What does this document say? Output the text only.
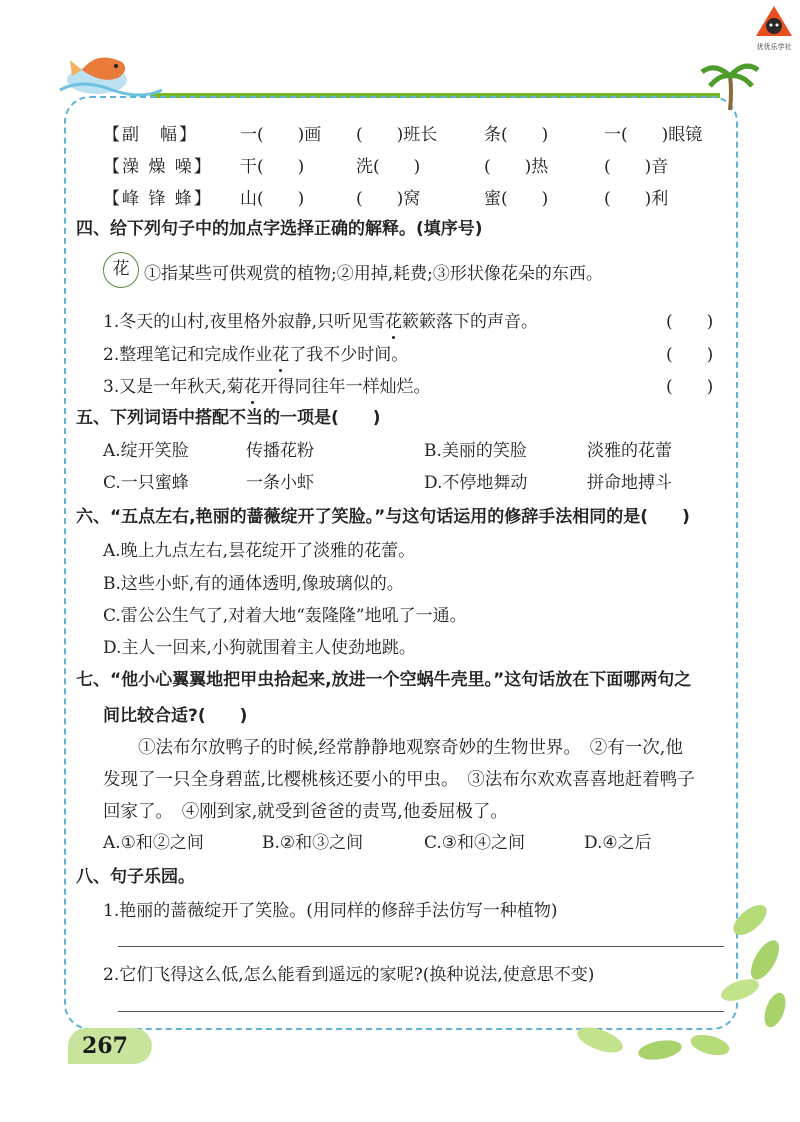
优优乐学社
【副　幅】 一(　　)画 (　　)班长	条(　　)	一(　　)眼镜
【澡 燥 噪】 干(　　)	洗(　　)	(　　)热	(　　)音
【峰 锋 蜂】 山(　　)	(　　)窝	蜜(　　)	(　　)利
四、给下列句子中的加点字选择正确的解释。(填序号)
花 ①指某些可供观赏的植物;②用掉,耗费;③形状像花朵的东西。
1.冬天的山村,夜里格外寂静,只听见雪花
簌簌落下的声音。	(　　)
2.整理笔记和完成作业花
了我不少时间。	(　　)
3.又是一年秋天,菊花
开得同往年一样灿烂。	(　　)
五、下列词语中搭配不当的一项是(　　)
A.绽开笑脸	传播花粉	B.美丽的笑脸	淡雅的花蕾
C.一只蜜蜂	一条小虾	D.不停地舞动	拼命地搏斗
六、“五点左右,艳丽的蔷薇绽开了笑脸。”与这句话运用的修辞手法相同的是(　　)
A.晚上九点左右,昙花绽开了淡雅的花蕾。
B.这些小虾,有的通体透明,像玻璃似的。
C.雷公公生气了,对着大地“轰隆隆”地吼了一通。
D.主人一回来,小狗就围着主人使劲地跳。
七、“他小心翼翼地把甲虫拾起来,放进一个空蜗牛壳里。”这句话放在下面哪两句之
间比较合适?(　　)
　　①法布尔放鸭子的时候,经常静静地观察奇妙的生物世界。　②有一次,他
发现了一只全身碧蓝,比樱桃核还要小的甲虫。　③法布尔欢欢喜喜地赶着鸭子
回家了。　④刚到家,就受到爸爸的责骂,他委屈极了。
A.①和②之间	B.②和③之间	C.③和④之间	D.④之后
八、句子乐园。
1.艳丽的蔷薇绽开了笑脸。(用同样的修辞手法仿写一种植物)
2.它们飞得这么低,怎么能看到遥远的家呢?(换种说法,使意思不变)
267
